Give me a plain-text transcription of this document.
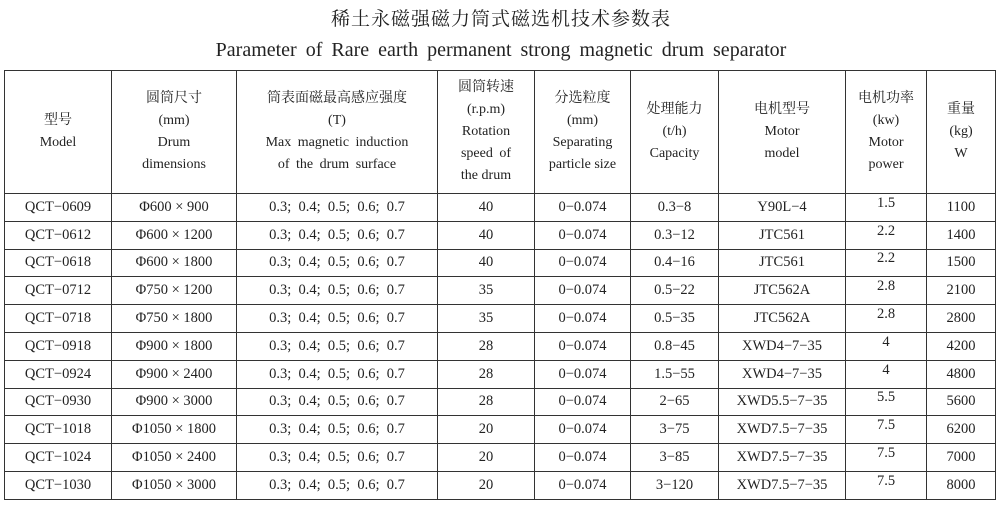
稀土永磁强磁力筒式磁选机技术参数表
Parameter of Rare earth permanent strong magnetic drum separator
型号
Model	圆筒尺寸
(mm)
Drum
dimensions	筒表面磁最高感应强度
(T)
Max magnetic induction
of the drum surface	圆筒转速
(r.p.m)
Rotation
speed of
the drum	分选粒度
(mm)
Separating
particle size	处理能力
(t/h)
Capacity	电机型号
Motor
model	电机功率
(kw)
Motor
power	重量
(kg)
W

QCT−0609	Φ600 × 900	0.3;  0.4;  0.5;  0.6;  0.7	40	0−0.074	0.3−8	Y90L−4	1.5	1100
QCT−0612	Φ600 × 1200	0.3;  0.4;  0.5;  0.6;  0.7	40	0−0.074	0.3−12	JTC561	2.2	1400
QCT−0618	Φ600 × 1800	0.3;  0.4;  0.5;  0.6;  0.7	40	0−0.074	0.4−16	JTC561	2.2	1500
QCT−0712	Φ750 × 1200	0.3;  0.4;  0.5;  0.6;  0.7	35	0−0.074	0.5−22	JTC562A	2.8	2100
QCT−0718	Φ750 × 1800	0.3;  0.4;  0.5;  0.6;  0.7	35	0−0.074	0.5−35	JTC562A	2.8	2800
QCT−0918	Φ900 × 1800	0.3;  0.4;  0.5;  0.6;  0.7	28	0−0.074	0.8−45	XWD4−7−35	4	4200
QCT−0924	Φ900 × 2400	0.3;  0.4;  0.5;  0.6;  0.7	28	0−0.074	1.5−55	XWD4−7−35	4	4800
QCT−0930	Φ900 × 3000	0.3;  0.4;  0.5;  0.6;  0.7	28	0−0.074	2−65	XWD5.5−7−35	5.5	5600
QCT−1018	Φ1050 × 1800	0.3;  0.4;  0.5;  0.6;  0.7	20	0−0.074	3−75	XWD7.5−7−35	7.5	6200
QCT−1024	Φ1050 × 2400	0.3;  0.4;  0.5;  0.6;  0.7	20	0−0.074	3−85	XWD7.5−7−35	7.5	7000
QCT−1030	Φ1050 × 3000	0.3;  0.4;  0.5;  0.6;  0.7	20	0−0.074	3−120	XWD7.5−7−35	7.5	8000
